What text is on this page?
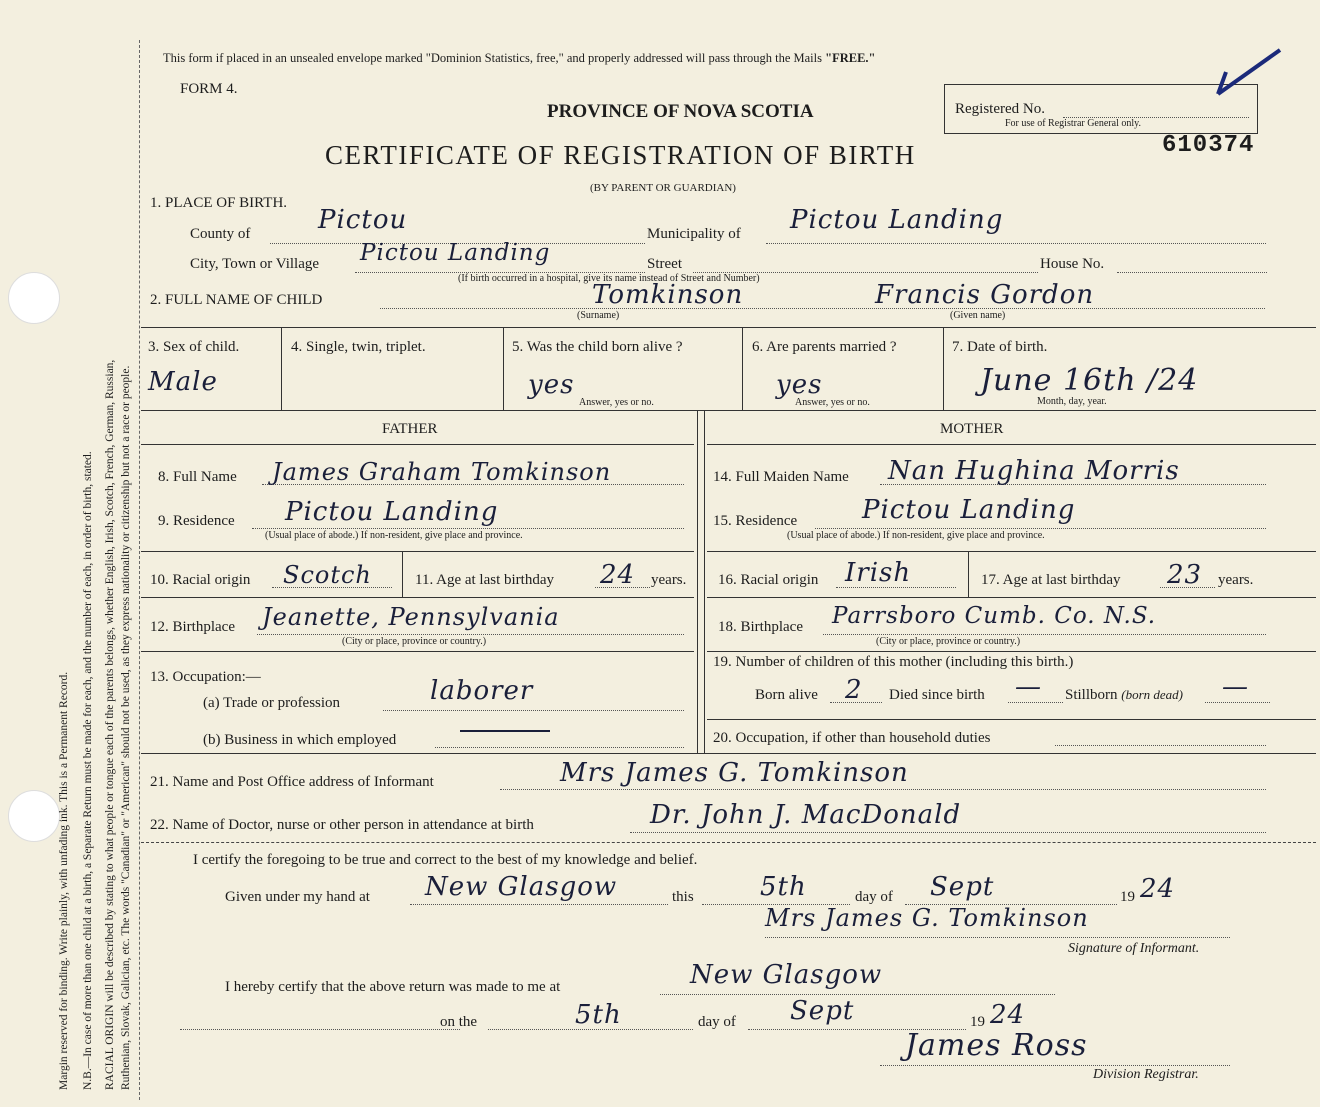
Margin reserved for binding. Write plainly, with unfading ink. This is a Permanent Record. N.B.—In case of more than one child at a birth, a Separate Return must be made for each, and the number of each, in order of birth, stated. RACIAL ORIGIN will be described by stating to what people or tongue each of the parents belongs, whether English, Irish, Scotch, French, German, Russian, Ruthenian, Slovak, Galician, etc. The words "Canadian" or "American" should not be used, as they express nationality or citizenship but not a race or people.
This form if placed in an unsealed envelope marked "Dominion Statistics, free," and properly addressed will pass through the Mails "FREE."
FORM 4.
PROVINCE OF NOVA SCOTIA
CERTIFICATE OF REGISTRATION OF BIRTH
(BY PARENT OR GUARDIAN)
Registered No.
For use of Registrar General only.
610374
1. PLACE OF BIRTH.
County of	Pictou	Municipality of Pictou Landing
City, Town or Village Pictou Landing	Street	House No.
(If birth occurred in a hospital, give its name instead of Street and Number)
2. FULL NAME OF CHILD	Tomkinson	Francis Gordon
(Surname)	(Given name)
3. Sex of child.
Male
4. Single, twin, triplet.	5. Was the child born alive ?
yes
Answer, yes or no.
6. Are parents married ?
yes
Answer, yes or no.
7. Date of birth.
June 16th /24
Month, day, year.
FATHER	MOTHER
8. Full Name James Graham Tomkinson
9. Residence Pictou Landing
(Usual place of abode.) If non-resident, give place and province.
10. Racial origin Scotch	11. Age at last birthday 24 years.
12. Birthplace Jeanette, Pennsylvania
(City or place, province or country.)
13. Occupation:—
(a) Trade or profession	laborer
(b) Business in which employed
14. Full Maiden Name Nan Hughina Morris
15. Residence Pictou Landing
(Usual place of abode.) If non-resident, give place and province.
16. Racial origin Irish	17. Age at last birthday 23 years.
18. Birthplace Parrsboro Cumb. Co. N.S.
(City or place, province or country.)
19. Number of children of this mother (including this birth.)
Born alive 2 Died since birth — Stillborn (born dead) —
20. Occupation, if other than household duties
21. Name and Post Office address of Informant	Mrs James G. Tomkinson
22. Name of Doctor, nurse or other person in attendance at birth	Dr. John J. MacDonald
I certify the foregoing to be true and correct to the best of my knowledge and belief.
Given under my hand at New Glasgow	this	5th	day of Sept	19 24
Mrs James G. Tomkinson
Signature of Informant.
I hereby certify that the above return was made to me at	New Glasgow
on the	5th	day of Sept	19 24
James Ross
Division Registrar.
